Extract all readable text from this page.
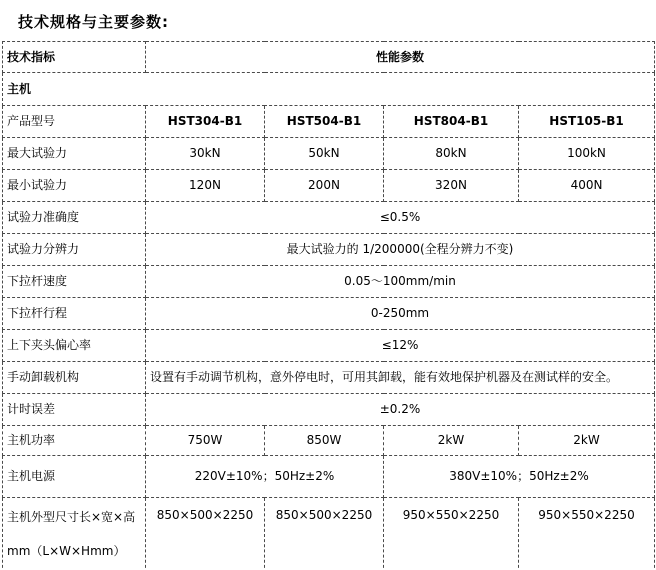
技术规格与主要参数:
技术指标	性能参数			
主机				
产品型号	HST304-B1	HST504-B1	HST804-B1	HST105-B1
最大试验力	30kN	50kN	80kN	100kN
最小试验力	120N	200N	320N	400N
试验力准确度	≤0.5%			
试验力分辨力	最大试验力的 1/200000(全程分辨力不变)			
下拉杆速度	0.05～100mm/min			
下拉杆行程	0-250mm			
上下夹头偏心率	≤12%			
手动卸载机构	设置有手动调节机构，意外停电时，可用其卸载，能有效地保护机器及在测试样的安全。			
计时误差	±0.2%			
主机功率	750W	850W	2kW	2kW
主机电源	220V±10%；50Hz±2%		380V±10%；50Hz±2%	
主机外型尺寸长×宽×高mm（L×W×Hmm）	850×500×2250	850×500×2250	950×550×2250	950×550×2250
